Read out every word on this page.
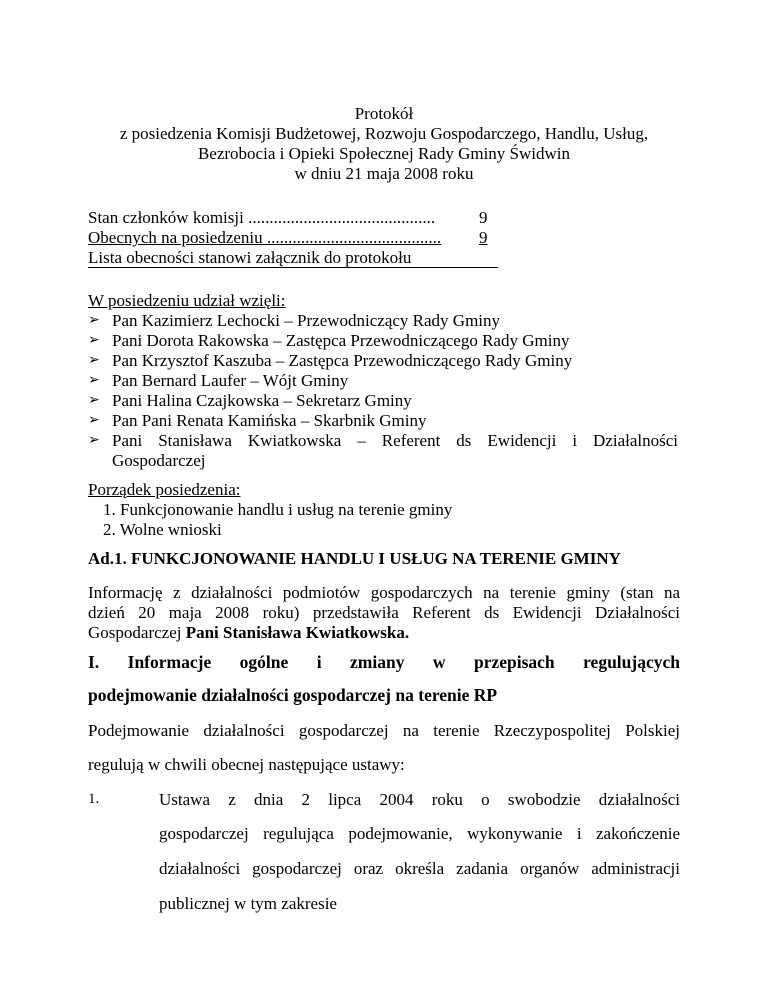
Protokół
z posiedzenia Komisji Budżetowej, Rozwoju Gospodarczego, Handlu, Usług,
Bezrobocia i Opieki Społecznej Rady Gminy Świdwin
w dniu 21 maja 2008 roku
Stan członków komisji ............................................	9
Obecnych na posiedzeniu ......................................... 9
Lista obecności stanowi załącznik do protokołu
W posiedzeniu udział wzięli:
➢ Pan Kazimierz Lechocki – Przewodniczący Rady Gminy
➢ Pani Dorota Rakowska – Zastępca Przewodniczącego Rady Gminy
➢ Pan Krzysztof Kaszuba – Zastępca Przewodniczącego Rady Gminy
➢ Pan Bernard Laufer – Wójt Gminy
➢ Pani Halina Czajkowska – Sekretarz Gminy
➢ Pan Pani Renata Kamińska – Skarbnik Gminy
➢ Pani Stanisława Kwiatkowska – Referent ds Ewidencji i Działalności
Gospodarczej
Porządek posiedzenia:
1. Funkcjonowanie handlu i usług na terenie gminy
2. Wolne wnioski
Ad.1. FUNKCJONOWANIE HANDLU I USŁUG NA TERENIE GMINY
Informację z działalności podmiotów gospodarczych na terenie gminy (stan na
dzień 20 maja 2008 roku) przedstawiła Referent ds Ewidencji Działalności
Gospodarczej Pani Stanisława Kwiatkowska.
I. Informacje ogólne i zmiany w przepisach regulujących
podejmowanie działalności gospodarczej na terenie RP
Podejmowanie działalności gospodarczej na terenie Rzeczypospolitej Polskiej
regulują w chwili obecnej następujące ustawy:
1.	Ustawa z dnia 2 lipca 2004 roku o swobodzie działalności
gospodarczej regulująca podejmowanie, wykonywanie i zakończenie
działalności gospodarczej oraz określa zadania organów administracji
publicznej w tym zakresie
